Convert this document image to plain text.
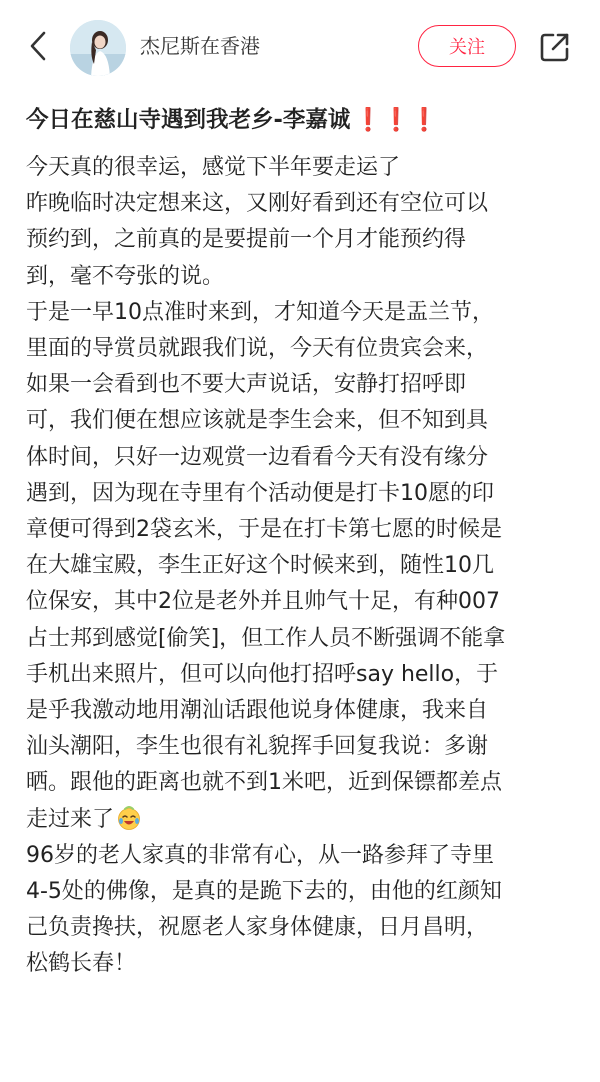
杰尼斯在香港	关注
今日在慈山寺遇到我老乡-李嘉诚 ❗❗❗
今天真的很幸运，感觉下半年要走运了
昨晚临时决定想来这，又刚好看到还有空位可以
预约到，之前真的是要提前一个月才能预约得
到，毫不夸张的说。
于是一早10点准时来到，才知道今天是盂兰节，
里面的导赏员就跟我们说，今天有位贵宾会来，
如果一会看到也不要大声说话，安静打招呼即
可，我们便在想应该就是李生会来，但不知到具
体时间，只好一边观赏一边看看今天有没有缘分
遇到，因为现在寺里有个活动便是打卡10愿的印
章便可得到2袋玄米，于是在打卡第七愿的时候是
在大雄宝殿，李生正好这个时候来到，随性10几
位保安，其中2位是老外并且帅气十足，有种007
占士邦到感觉[偷笑]，但工作人员不断强调不能拿
手机出来照片，但可以向他打招呼say hello，于
是乎我激动地用潮汕话跟他说身体健康，我来自
汕头潮阳，李生也很有礼貌挥手回复我说：多谢
晒。跟他的距离也就不到1米吧，近到保镖都差点
走过来了
96岁的老人家真的非常有心，从一路参拜了寺里
4-5处的佛像，是真的是跪下去的，由他的红颜知
己负责搀扶，祝愿老人家身体健康，日月昌明，
松鹤长春！
